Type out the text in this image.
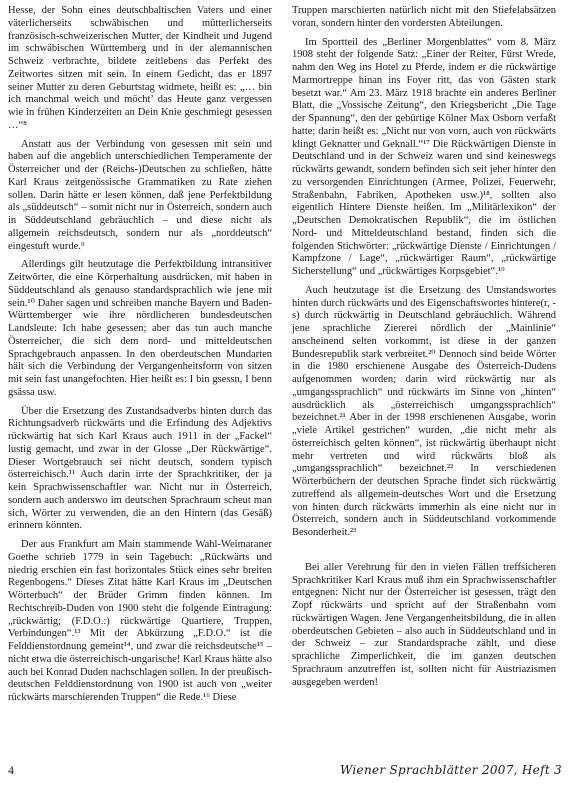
Hesse, der Sohn eines deutschbaltischen Vaters und einer väterlicherseits schwäbischen und mütterlicherseits französisch-schweizerischen Mutter, der Kindheit und Jugend im schwäbischen Württemberg und in der alemannischen Schweiz verbrachte, bildete zeitlebens das Perfekt des Zeitwortes sitzen mit sein. In einem Gedicht, das er 1897 seiner Mutter zu deren Geburtstag widmete, heißt es: „… bin ich manchmal weich und möcht’ das Heute ganz vergessen wie in frühen Kinderzeiten an Dein Knie geschmiegt gesessen …“⁸

Anstatt aus der Verbindung von gesessen mit sein und haben auf die angeblich unterschiedlichen Temperamente der Österreicher und der (Reichs-)Deutschen zu schließen, hätte Karl Kraus zeitgenössische Grammatiken zu Rate ziehen sollen. Darin hätte er lesen können, daß jene Perfektbildung als „süddeutsch“ – somit nicht nur in Österreich, sondern auch in Süddeutschland gebräuchlich – und diese nicht als allgemein reichsdeutsch, sondern nur als „norddeutsch“ eingestuft wurde.⁹

Allerdings gilt heutzutage die Perfektbildung intransitiver Zeitwörter, die eine Körperhaltung ausdrücken, mit haben in Süddeutschland als genauso standardsprachlich wie jene mit sein.¹⁰ Daher sagen und schreiben manche Bayern und Baden-Württemberger wie ihre nördlicheren bundesdeutschen Landsleute: Ich habe gesessen; aber das tun auch manche Österreicher, die sich dem nord- und mitteldeutschen Sprachgebrauch anpassen. In den oberdeutschen Mundarten hält sich die Verbindung der Vergangenheitsform von sitzen mit sein fast unangefochten. Hier heißt es: I bin gsessn, I benn gsässa usw.

Über die Ersetzung des Zustandsadverbs hinten durch das Richtungsadverb rückwärts und die Erfindung des Adjektivs rückwärtig hat sich Karl Kraus auch 1911 in der „Fackel“ lustig gemacht, und zwar in der Glosse „Der Rückwärtige“. Dieser Wortgebrauch sei nicht deutsch, sondern typisch österreichisch.¹¹ Auch darin irrte der Sprachkritiker, der ja kein Sprachwissenschaftler war. Nicht nur in Österreich, sondern auch anderswo im deutschen Sprachraum scheut man sich, Wörter zu verwenden, die an den Hintern (das Gesäß) erinnern könnten.

Der aus Frankfurt am Main stammende Wahl-Weimaraner Goethe schrieb 1779 in sein Tagebuch: „Rückwärts und niedrig erschien ein fast horizontales Stück eines sehr breiten Regenbogens.“ Dieses Zitat hätte Karl Kraus im „Deutschen Wörterbuch“ der Brüder Grimm finden können. Im Rechtschreib-Duden von 1900 steht die folgende Eintragung: „rückwärtig; (F.D.O.:) rückwärtige Quartiere, Truppen, Verbindungen“.¹³ Mit der Abkürzung „F.D.O.“ ist die Felddienstordnung gemeint¹⁴, und zwar die reichsdeutsche¹⁵ – nicht etwa die österreichisch-ungarische! Karl Kraus hätte also auch bei Konrad Duden nachschlagen sollen. In der preußisch-deutschen Felddienstordnung von 1900 ist auch von „weiter rückwärts marschierenden Truppen“ die Rede.¹⁶ Diese

Truppen marschierten natürlich nicht mit den Stiefelabsätzen voran, sondern hinter den vordersten Abteilungen.

Im Sportteil des „Berliner Morgenblattes“ vom 8. März 1908 steht der folgende Satz: „Einer der Reiter, Fürst Wrede, nahm den Weg ins Hotel zu Pferde, indem er die rückwärtige Marmortreppe hinan ins Foyer ritt, das von Gästen stark besetzt war.“ Am 23. März 1918 brachte ein anderes Berliner Blatt, die „Vossische Zeitung“, den Kriegsbericht „Die Tage der Spannung“, den der gebürtige Kölner Max Osborn verfaßt hatte; darin heißt es: „Nicht nur von vorn, auch von rückwärts klingt Geknatter und Geknall.“¹⁷ Die Rückwärtigen Dienste in Deutschland und in der Schweiz waren und sind keineswegs rückwärts gewandt, sondern befinden sich seit jeher hinter den zu versorgenden Einrichtungen (Armee, Polizei, Feuerwehr, Straßenbahn, Fabriken, Apotheken usw.)¹⁸, sollten also eigentlich Hintere Dienste heißen. Im „Militärlexikon“ der „Deutschen Demokratischen Republik“, die im östlichen Nord- und Mitteldeutschland bestand, finden sich die folgenden Stichwörter: „rückwärtige Dienste / Einrichtungen / Kampfzone / Lage“, „rückwärtiger Raum“, „rückwärtige Sicherstellung“ und „rückwärtiges Korpsgebiet“.¹⁹

Auch heutzutage ist die Ersetzung des Umstandswortes hinten durch rückwärts und des Eigenschaftswortes hintere(r, -s) durch rückwärtig in Deutschland gebräuchlich. Während jene sprachliche Ziererei nördlich der „Mainlinie“ anscheinend selten vorkommt, ist diese in der ganzen Bundesrepublik stark verbreitet.²⁰ Dennoch sind beide Wörter in die 1980 erschienene Ausgabe des Österreich-Dudens aufgenommen worden; darin wird rückwärtig nur als „umgangssprachlich“ und rückwärts im Sinne von „hinten“ ausdrücklich als „österreichisch umgangssprachlich“ bezeichnet.²¹ Aber in der 1998 erschienenen Ausgabe, worin „viele Artikel gestrichen“ wurden, „die nicht mehr als österreichisch gelten können“, ist rückwärtig überhaupt nicht mehr vertreten und wird rückwärts bloß als „umgangssprachlich“ bezeichnet.²² In verschiedenen Wörterbüchern der deutschen Sprache findet sich rückwärtig zutreffend als allgemein-deutsches Wort und die Ersetzung von hinten durch rückwärts immerhin als eine nicht nur in Österreich, sondern auch in Süddeutschland vorkommende Besonderheit.²³

Bei aller Verehrung für den in vielen Fällen treffsicheren Sprachkritiker Karl Kraus muß ihm ein Sprachwissenschaftler entgegnen: Nicht nur der Österreicher ist gesessen, trägt den Zopf rückwärts und spricht auf der Straßenbahn vom rückwärtigen Wagen. Jene Vergangenheitsbildung, die in allen oberdeutschen Gebieten – also auch in Süddeutschland und in der Schweiz – zur Standardsprache zählt, und diese sprachliche Zimperlichkeit, die im ganzen deutschen Sprachraum anzutreffen ist, sollten nicht für Austriazismen ausgegeben werden!

4	Wiener Sprachblätter 2007, Heft 3
